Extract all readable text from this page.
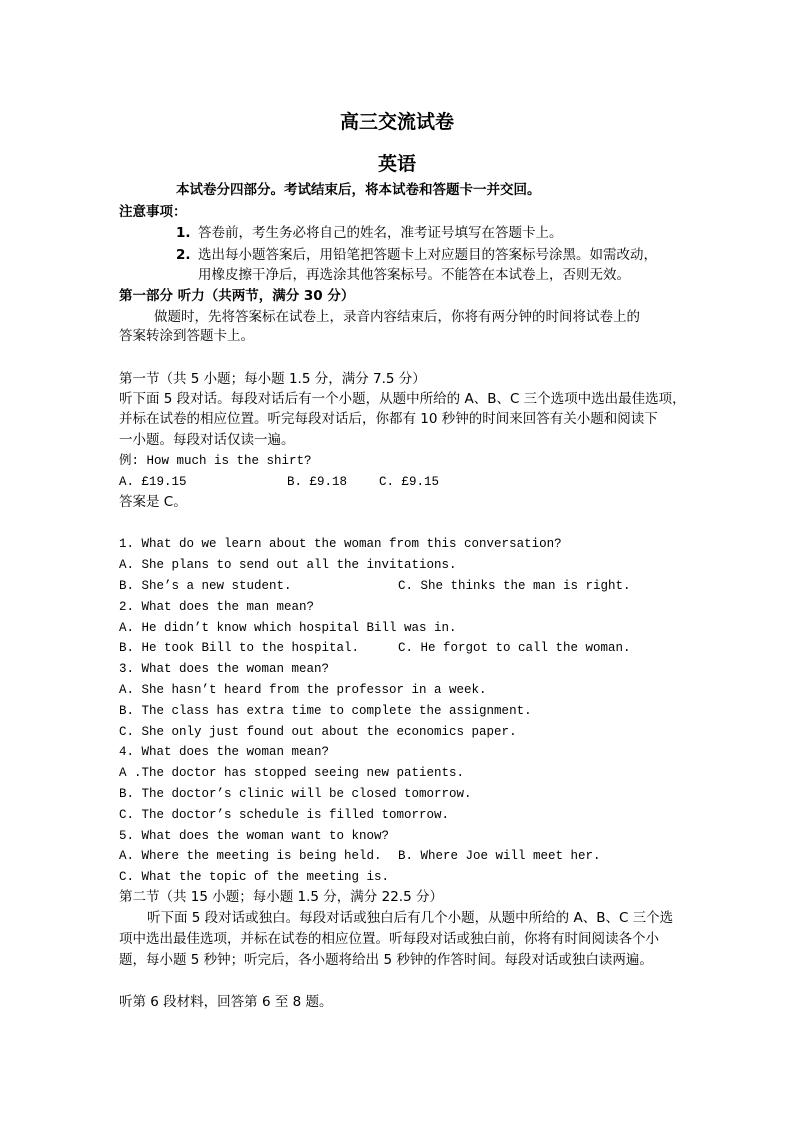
高三交流试卷
英语
本试卷分四部分。考试结束后，将本试卷和答题卡一并交回。
注意事项：
1. 答卷前，考生务必将自己的姓名，准考证号填写在答题卡上。
2. 选出每小题答案后，用铅笔把答题卡上对应题目的答案标号涂黑。如需改动，
用橡皮擦干净后，再选涂其他答案标号。不能答在本试卷上，否则无效。
第一部分 听力（共两节，满分 30 分）
做题时，先将答案标在试卷上，录音内容结束后，你将有两分钟的时间将试卷上的
答案转涂到答题卡上。
第一节（共 5 小题；每小题 1.5 分，满分 7.5 分）
听下面 5 段对话。每段对话后有一个小题，从题中所给的 A、B、C 三个选项中选出最佳选项，
并标在试卷的相应位置。听完每段对话后，你都有 10 秒钟的时间来回答有关小题和阅读下
一小题。每段对话仅读一遍。
例: How much is the shirt?
A. £19.15	B. £9.18	C. £9.15
答案是 C。
1. What do we learn about the woman from this conversation?
A. She plans to send out all the invitations.
B. She’s a new student.	C. She thinks the man is right.
2. What does the man mean?
A. He didn’t know which hospital Bill was in.
B. He took Bill to the hospital.	C. He forgot to call the woman.
3. What does the woman mean?
A. She hasn’t heard from the professor in a week.
B. The class has extra time to complete the assignment.
C. She only just found out about the economics paper.
4. What does the woman mean?
A .The doctor has stopped seeing new patients.
B. The doctor’s clinic will be closed tomorrow.
C. The doctor’s schedule is filled tomorrow.
5. What does the woman want to know?
A. Where the meeting is being held. B. Where Joe will meet her.
C. What the topic of the meeting is.
第二节（共 15 小题；每小题 1.5 分，满分 22.5 分）
听下面 5 段对话或独白。每段对话或独白后有几个小题，从题中所给的 A、B、C 三个选
项中选出最佳选项，并标在试卷的相应位置。听每段对话或独白前，你将有时间阅读各个小
题，每小题 5 秒钟；听完后，各小题将给出 5 秒钟的作答时间。每段对话或独白读两遍。
听第 6 段材料，回答第 6 至 8 题。
